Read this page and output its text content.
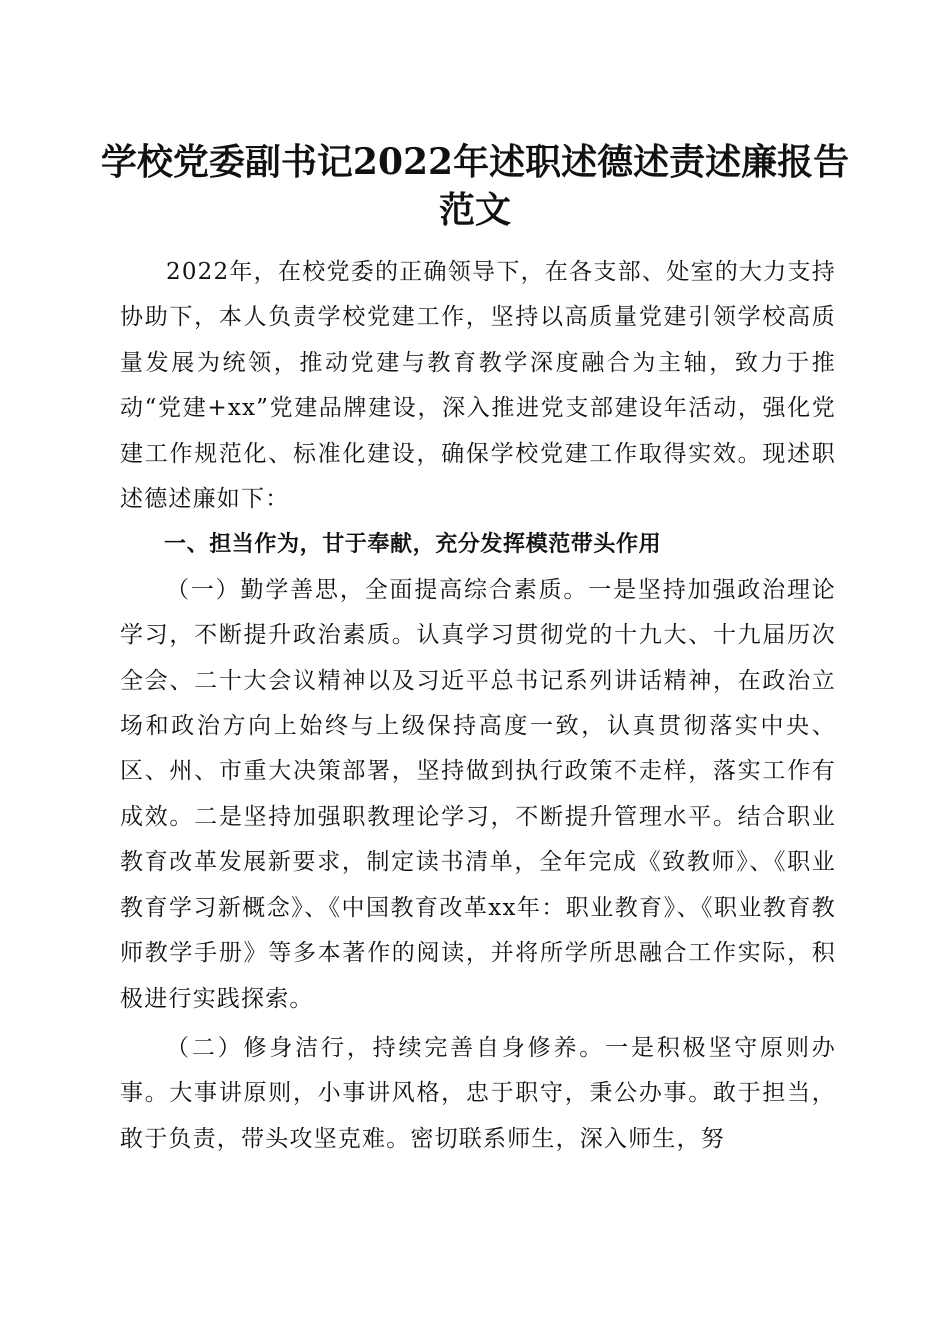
学校党委副书记2022年述职述德述责述廉报告范文

2022年，在校党委的正确领导下，在各支部、处室的大力支持协助下，本人负责学校党建工作，坚持以高质量党建引领学校高质量发展为统领，推动党建与教育教学深度融合为主轴，致力于推动“党建+xx”党建品牌建设，深入推进党支部建设年活动，强化党建工作规范化、标准化建设，确保学校党建工作取得实效。现述职述德述廉如下：

一、担当作为，甘于奉献，充分发挥模范带头作用

（一）勤学善思，全面提高综合素质。一是坚持加强政治理论学习，不断提升政治素质。认真学习贯彻党的十九大、十九届历次全会、二十大会议精神以及习近平总书记系列讲话精神，在政治立场和政治方向上始终与上级保持高度一致，认真贯彻落实中央、区、州、市重大决策部署，坚持做到执行政策不走样，落实工作有成效。二是坚持加强职教理论学习，不断提升管理水平。结合职业教育改革发展新要求，制定读书清单，全年完成《致教师》、《职业教育学习新概念》、《中国教育改革xx年：职业教育》、《职业教育教师教学手册》等多本著作的阅读，并将所学所思融合工作实际，积极进行实践探索。

（二）修身洁行，持续完善自身修养。一是积极坚守原则办事。大事讲原则，小事讲风格，忠于职守，秉公办事。敢于担当，敢于负责，带头攻坚克难。密切联系师生，深入师生，努
